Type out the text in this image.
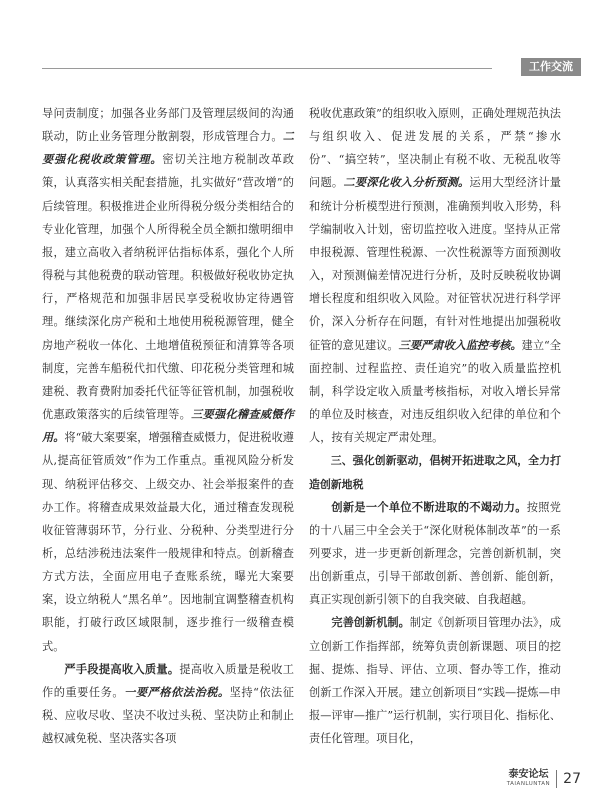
工作交流

导问责制度；加强各业务部门及管理层级间的沟通联动，防止业务管理分散割裂，形成管理合力。二要强化税收政策管理。密切关注地方税制改革政策，认真落实相关配套措施，扎实做好“营改增”的后续管理。积极推进企业所得税分级分类相结合的专业化管理，加强个人所得税全员全额扣缴明细申报，建立高收入者纳税评估指标体系，强化个人所得税与其他税费的联动管理。积极做好税收协定执行，严格规范和加强非居民享受税收协定待遇管理。继续深化房产税和土地使用税税源管理，健全房地产税收一体化、土地增值税预征和清算等各项制度，完善车船税代扣代缴、印花税分类管理和城建税、教育费附加委托代征等征管机制，加强税收优惠政策落实的后续管理等。三要强化稽查威慑作用。将“破大案要案，增强稽查威慑力，促进税收遵从,提高征管质效”作为工作重点。重视风险分析发现、纳税评估移交、上级交办、社会举报案件的查办工作。将稽查成果效益最大化，通过稽查发现税收征管薄弱环节，分行业、分税种、分类型进行分析，总结涉税违法案件一般规律和特点。创新稽查方式方法，全面应用电子查账系统，曝光大案要案，设立纳税人“黑名单”。因地制宜调整稽查机构职能，打破行政区域限制，逐步推行一级稽查模式。

严手段提高收入质量。提高收入质量是税收工作的重要任务。一要严格依法治税。坚持“依法征税、应收尽收、坚决不收过头税、坚决防止和制止越权减免税、坚决落实各项

税收优惠政策”的组织收入原则，正确处理规范执法与组织收入、促进发展的关系，严禁“掺水份”、“搞空转”，坚决制止有税不收、无税乱收等问题。二要深化收入分析预测。运用大型经济计量和统计分析模型进行预测，准确预判收入形势，科学编制收入计划，密切监控收入进度。坚持从正常申报税源、管理性税源、一次性税源等方面预测收入，对预测偏差情况进行分析，及时反映税收协调增长程度和组织收入风险。对征管状况进行科学评价，深入分析存在问题，有针对性地提出加强税收征管的意见建议。三要严肃收入监控考核。建立“全面控制、过程监控、责任追究”的收入质量监控机制，科学设定收入质量考核指标，对收入增长异常的单位及时核查，对违反组织收入纪律的单位和个人，按有关规定严肃处理。

三、强化创新驱动，倡树开拓进取之风，全力打造创新地税

创新是一个单位不断进取的不竭动力。按照党的十八届三中全会关于“深化财税体制改革”的一系列要求，进一步更新创新理念，完善创新机制，突出创新重点，引导干部敢创新、善创新、能创新，真正实现创新引领下的自我突破、自我超越。

完善创新机制。制定《创新项目管理办法》，成立创新工作指挥部，统筹负责创新课题、项目的挖掘、提炼、指导、评估、立项、督办等工作，推动创新工作深入开展。建立创新项目“实践—提炼—申报—评审—推广”运行机制，实行项目化、指标化、责任化管理。项目化，

泰安论坛
TAIANLUNTAN 27
